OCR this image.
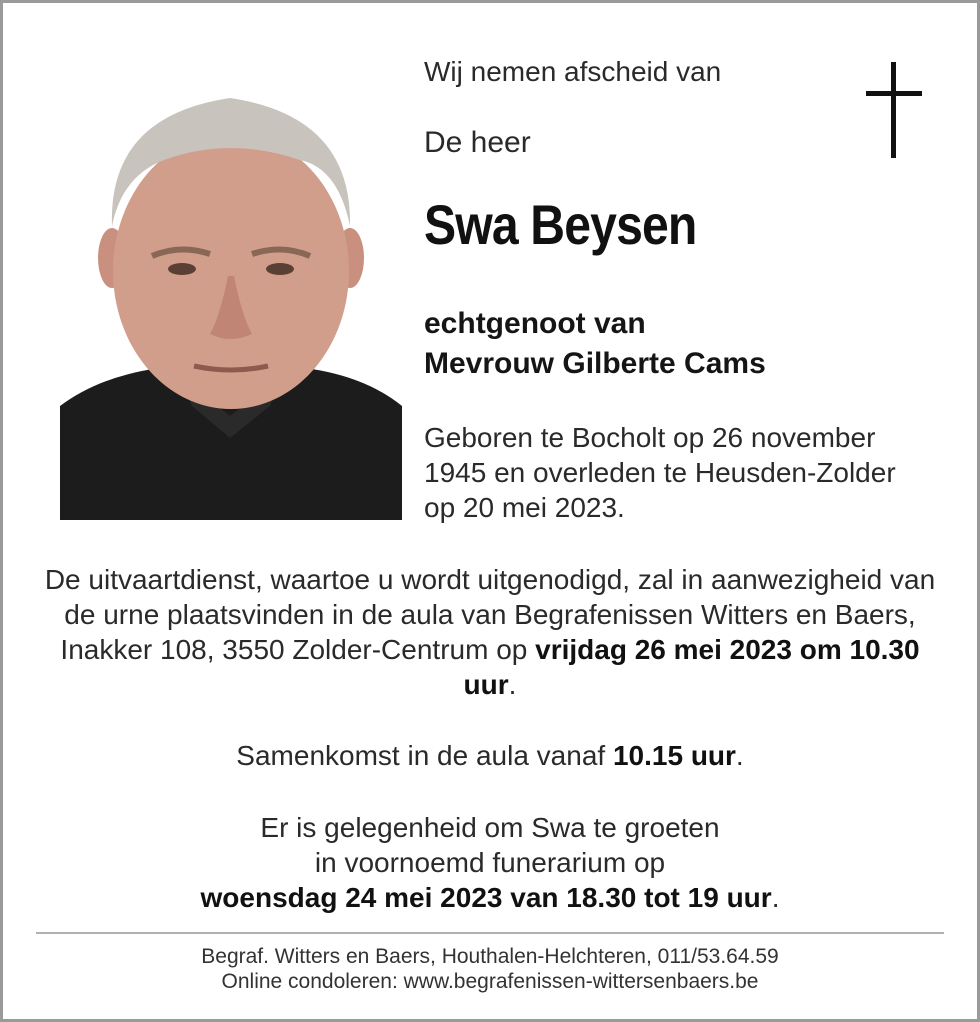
Wij nemen afscheid van
De heer
Swa Beysen
echtgenoot van
Mevrouw Gilberte Cams
Geboren te Bocholt op 26 november 1945 en overleden te Heusden-Zolder op 20 mei 2023.
De uitvaartdienst, waartoe u wordt uitgenodigd, zal in aanwezigheid van de urne plaatsvinden in de aula van Begrafenissen Witters en Baers, Inakker 108, 3550 Zolder-Centrum op vrijdag 26 mei 2023 om 10.30 uur.
Samenkomst in de aula vanaf 10.15 uur.
Er is gelegenheid om Swa te groeten
in voornoemd funerarium op
woensdag 24 mei 2023 van 18.30 tot 19 uur.
Begraf. Witters en Baers, Houthalen-Helchteren, 011/53.64.59
Online condoleren: www.begrafenissen-wittersenbaers.be
